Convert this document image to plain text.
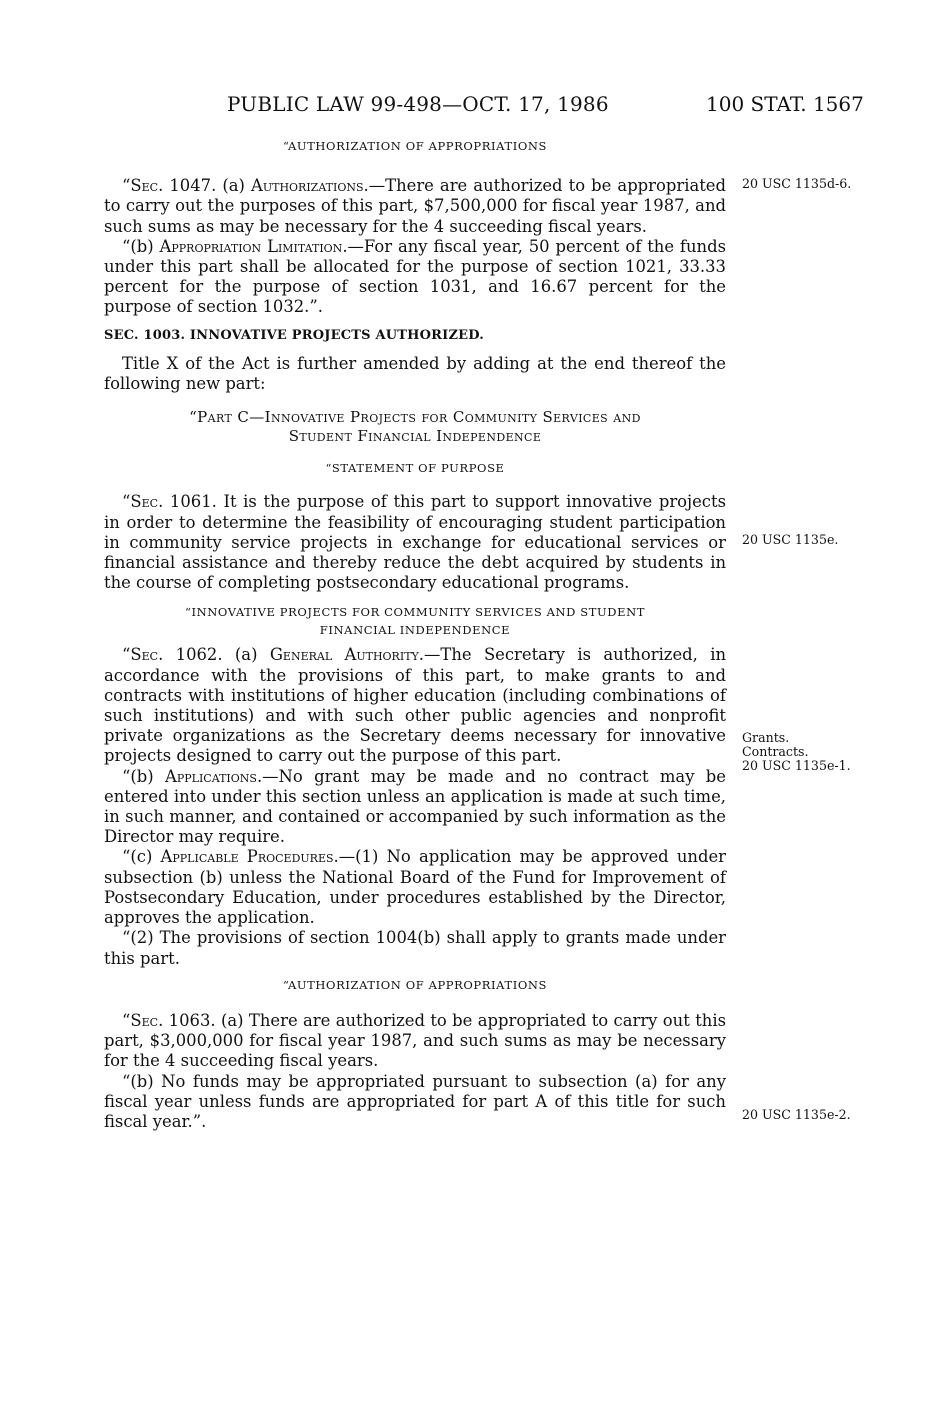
PUBLIC LAW 99-498—OCT. 17, 1986	100 STAT. 1567

“AUTHORIZATION OF APPROPRIATIONS

“Sec. 1047. (a) Authorizations.—There are authorized to be appropriated to carry out the purposes of this part, $7,500,000 for fiscal year 1987, and such sums as may be necessary for the 4 succeeding fiscal years.

“(b) Appropriation Limitation.—For any fiscal year, 50 percent of the funds under this part shall be allocated for the purpose of section 1021, 33.33 percent for the purpose of section 1031, and 16.67 percent for the purpose of section 1032.”.

SEC. 1003. INNOVATIVE PROJECTS AUTHORIZED.

Title X of the Act is further amended by adding at the end thereof the following new part:

“Part C—Innovative Projects for Community Services and

Student Financial Independence

“STATEMENT OF PURPOSE

“Sec. 1061. It is the purpose of this part to support innovative projects in order to determine the feasibility of encouraging student participation in community service projects in exchange for educational services or financial assistance and thereby reduce the debt acquired by students in the course of completing postsecondary educational programs.

“INNOVATIVE PROJECTS FOR COMMUNITY SERVICES AND STUDENT

FINANCIAL INDEPENDENCE

“Sec. 1062. (a) General Authority.—The Secretary is authorized, in accordance with the provisions of this part, to make grants to and contracts with institutions of higher education (including combinations of such institutions) and with such other public agencies and nonprofit private organizations as the Secretary deems necessary for innovative projects designed to carry out the purpose of this part.

“(b) Applications.—No grant may be made and no contract may be entered into under this section unless an application is made at such time, in such manner, and contained or accompanied by such information as the Director may require.

“(c) Applicable Procedures.—(1) No application may be approved under subsection (b) unless the National Board of the Fund for Improvement of Postsecondary Education, under procedures established by the Director, approves the application.

“(2) The provisions of section 1004(b) shall apply to grants made under this part.

“AUTHORIZATION OF APPROPRIATIONS

“Sec. 1063. (a) There are authorized to be appropriated to carry out this part, $3,000,000 for fiscal year 1987, and such sums as may be necessary for the 4 succeeding fiscal years.

“(b) No funds may be appropriated pursuant to subsection (a) for any fiscal year unless funds are appropriated for part A of this title for such fiscal year.”.

20 USC 1135d-6.
20 USC 1135e.
Grants.
Contracts.
20 USC 1135e-1.
20 USC 1135e-2.
